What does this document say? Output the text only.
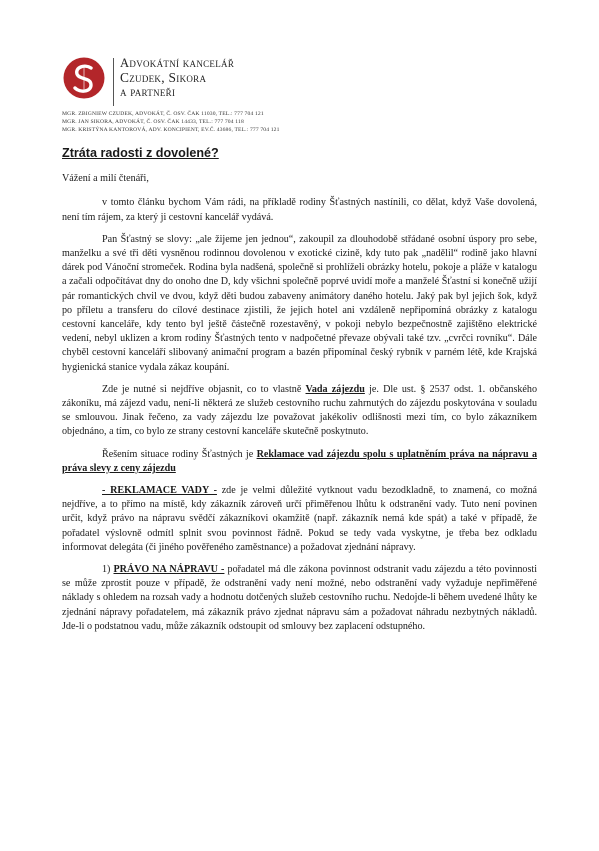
Advokátní kancelář
Czudek, Sikora
a partneři
MGR. ZBIGNIEW CZUDEK, ADVOKÁT, Č. OSV. ČAK 11030, TEL.: 777 704 121
MGR. JAN SIKORA, ADVOKÁT, Č. OSV. ČAK 14433, TEL.: 777 704 118
MGR. KRISTÝNA KANTOROVÁ, ADV. KONCIPIENT, EV.Č. 43686, TEL.: 777 704 121
Ztráta radosti z dovolené?

Vážení a milí čtenáři,

v tomto článku bychom Vám rádi, na příkladě rodiny Šťastných nastínili, co dělat, když Vaše dovolená, není tím rájem, za který ji cestovní kancelář vydává.

Pan Šťastný se slovy: „ale žijeme jen jednou“, zakoupil za dlouhodobě střádané osobní úspory pro sebe, manželku a své tři děti vysněnou rodinnou dovolenou v exotické cizině, kdy tuto pak „nadělil“ rodině jako hlavní dárek pod Vánoční stromeček. Rodina byla nadšená, společně si prohlíželi obrázky hotelu, pokoje a pláže v katalogu a začali odpočítávat dny do onoho dne D, kdy všichni společně poprvé uvidí moře a manželé Šťastní si konečně užijí pár romantických chvil ve dvou, když děti budou zabaveny animátory daného hotelu. Jaký pak byl jejich šok, když po příletu a transferu do cílové destinace zjistili, že jejich hotel ani vzdáleně nepřipomíná obrázky z katalogu cestovní kanceláře, kdy tento byl ještě částečně rozestavěný, v pokoji nebylo bezpečnostně zajištěno elektrické vedení, nebyl uklizen a krom rodiny Šťastných tento v nadpočetné převaze obývali také tzv. „cvrčci rovníku“. Dále chyběl cestovní kanceláří slibovaný animační program a bazén připomínal český rybník v parném létě, kde Krajská hygienická stanice vydala zákaz koupání.

Zde je nutné si nejdříve objasnit, co to vlastně Vada zájezdu je. Dle ust. § 2537 odst. 1. občanského zákoníku, má zájezd vadu, není-li některá ze služeb cestovního ruchu zahrnutých do zájezdu poskytována v souladu se smlouvou. Jinak řečeno, za vady zájezdu lze považovat jakékoliv odlišnosti mezi tím, co bylo zákazníkem objednáno, a tím, co bylo ze strany cestovní kanceláře skutečně poskytnuto.

Řešením situace rodiny Šťastných je Reklamace vad zájezdu spolu s uplatněním práva na nápravu a práva slevy z ceny zájezdu

- REKLAMACE VADY - zde je velmi důležité vytknout vadu bezodkladně, to znamená, co možná nejdříve, a to přímo na místě, kdy zákazník zároveň určí přiměřenou lhůtu k odstranění vady. Tuto není povinen určit, když právo na nápravu svědčí zákazníkovi okamžitě (např. zákazník nemá kde spát) a také v případě, že pořadatel výslovně odmítl splnit svou povinnost řádně. Pokud se tedy vada vyskytne, je třeba bez odkladu informovat delegáta (či jiného pověřeného zaměstnance) a požadovat zjednání nápravy.

1) PRÁVO NA NÁPRAVU - pořadatel má dle zákona povinnost odstranit vadu zájezdu a této povinnosti se může zprostit pouze v případě, že odstranění vady není možné, nebo odstranění vady vyžaduje nepřiměřené náklady s ohledem na rozsah vady a hodnotu dotčených služeb cestovního ruchu. Nedojde-li během uvedené lhůty ke zjednání nápravy pořadatelem, má zákazník právo zjednat nápravu sám a požadovat náhradu nezbytných nákladů. Jde-li o podstatnou vadu, může zákazník odstoupit od smlouvy bez zaplacení odstupného.
